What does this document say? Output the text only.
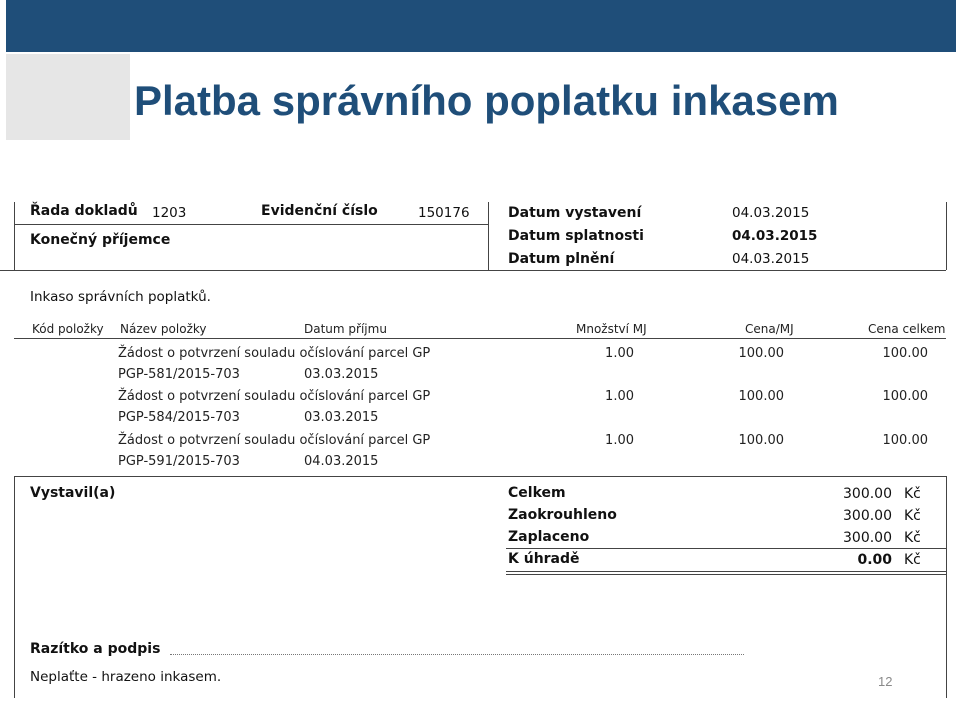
Platba správního poplatku inkasem
Řada dokladů 1203	Evidenční číslo	150176
Konečný příjemce
Datum vystavení	04.03.2015
Datum splatnosti	04.03.2015
Datum plnění	04.03.2015
Inkaso správních poplatků.
Kód položky Název položky	Datum příjmu	Množství MJ	Cena/MJ	Cena celkem
Žádost o potvrzení souladu očíslování parcel GP	1.00	100.00	100.00
PGP-581/2015-703	03.03.2015
Žádost o potvrzení souladu očíslování parcel GP	1.00	100.00	100.00
PGP-584/2015-703	03.03.2015
Žádost o potvrzení souladu očíslování parcel GP	1.00	100.00	100.00
PGP-591/2015-703	04.03.2015
Vystavil(a)	Celkem	300.00 Kč
Zaokrouhleno	300.00 Kč
Zaplaceno	300.00 Kč
K úhradě	0.00 Kč
Razítko a podpis
Neplaťte - hrazeno inkasem.	12
